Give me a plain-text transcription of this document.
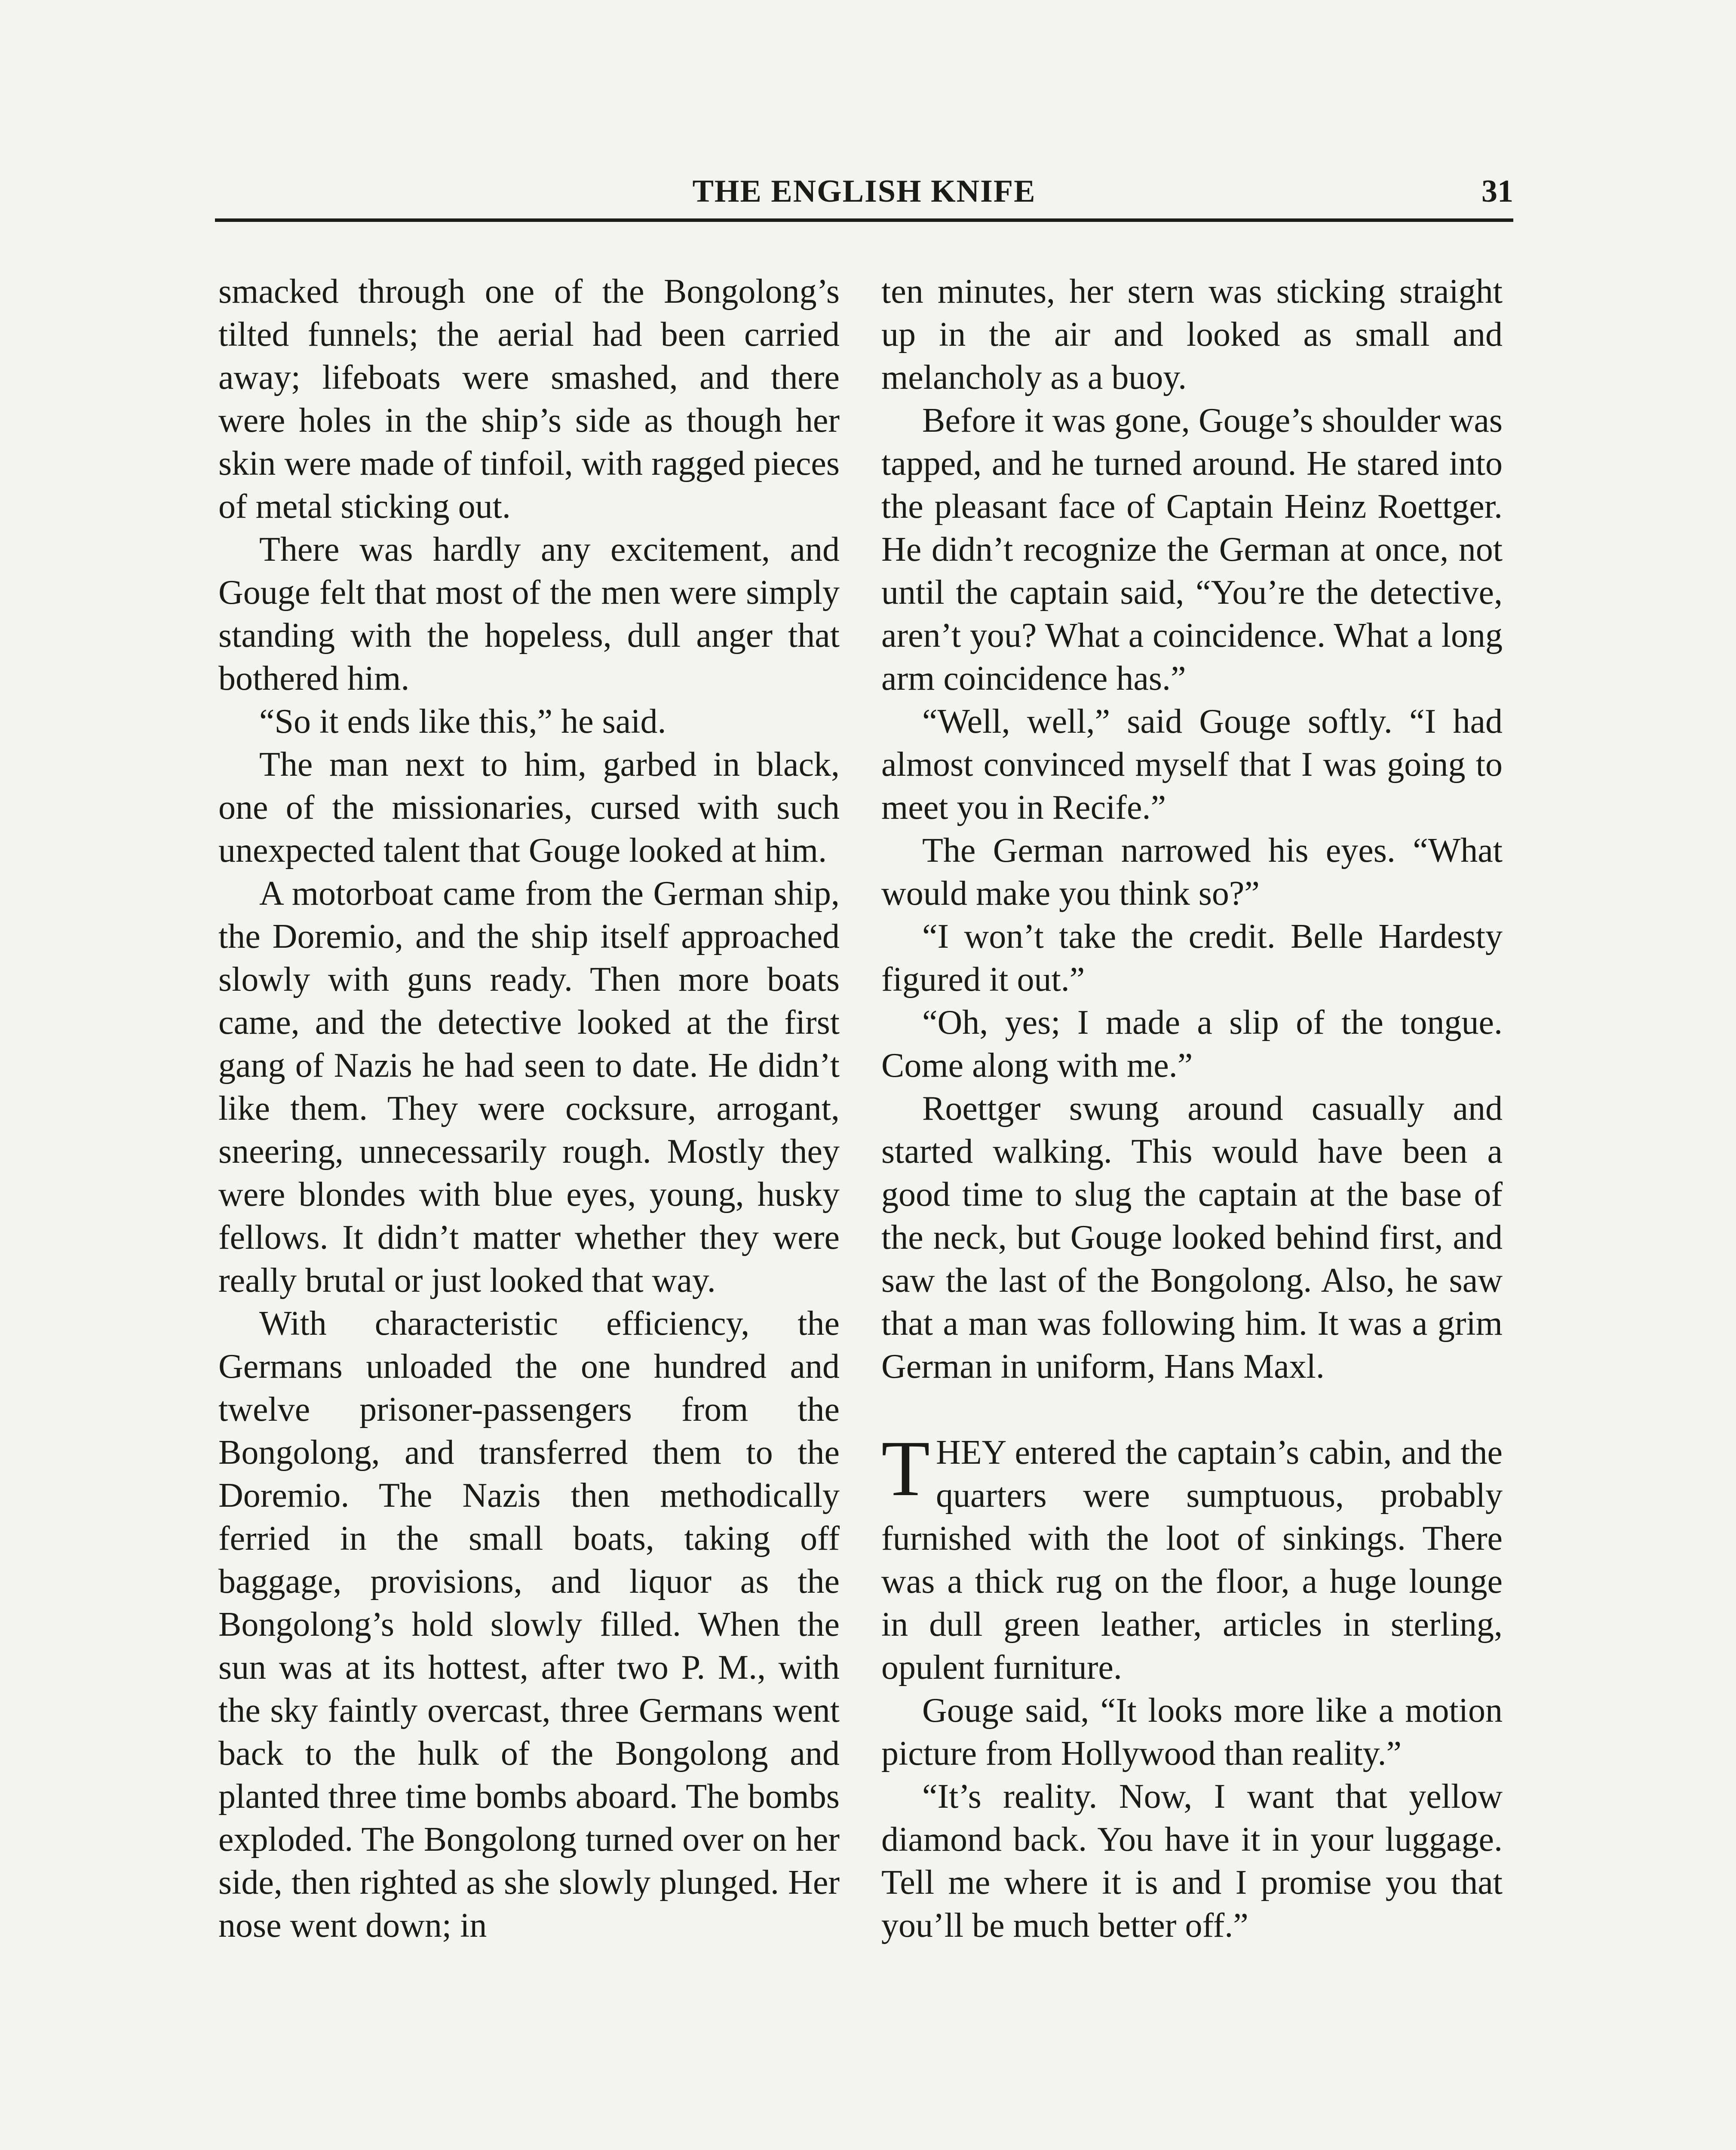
THE ENGLISH KNIFE	31

smacked through one of the Bongolong’s tilted funnels; the aerial had been carried away; lifeboats were smashed, and there were holes in the ship’s side as though her skin were made of tinfoil, with ragged pieces of metal sticking out.

There was hardly any excitement, and Gouge felt that most of the men were simply standing with the hopeless, dull anger that bothered him.

“So it ends like this,” he said.

The man next to him, garbed in black, one of the missionaries, cursed with such unexpected talent that Gouge looked at him.

A motorboat came from the German ship, the Doremio, and the ship itself approached slowly with guns ready. Then more boats came, and the detective looked at the first gang of Nazis he had seen to date. He didn’t like them. They were cocksure, arrogant, sneering, unnecessarily rough. Mostly they were blondes with blue eyes, young, husky fellows. It didn’t matter whether they were really brutal or just looked that way.

With characteristic efficiency, the Germans unloaded the one hundred and twelve prisoner-passengers from the Bongolong, and transferred them to the Doremio. The Nazis then methodically ferried in the small boats, taking off baggage, provisions, and liquor as the Bongolong’s hold slowly filled. When the sun was at its hottest, after two P. M., with the sky faintly overcast, three Germans went back to the hulk of the Bongolong and planted three time bombs aboard. The bombs exploded. The Bongolong turned over on her side, then righted as she slowly plunged. Her nose went down; in

ten minutes, her stern was sticking straight up in the air and looked as small and melancholy as a buoy.

Before it was gone, Gouge’s shoulder was tapped, and he turned around. He stared into the pleasant face of Captain Heinz Roettger. He didn’t recognize the German at once, not until the captain said, “You’re the detective, aren’t you? What a coincidence. What a long arm coincidence has.”

“Well, well,” said Gouge softly. “I had almost convinced myself that I was going to meet you in Recife.”

The German narrowed his eyes. “What would make you think so?”

“I won’t take the credit. Belle Hardesty figured it out.”

“Oh, yes; I made a slip of the tongue. Come along with me.”

Roettger swung around casually and started walking. This would have been a good time to slug the captain at the base of the neck, but Gouge looked behind first, and saw the last of the Bongolong. Also, he saw that a man was following him. It was a grim German in uniform, Hans Maxl.

THEY entered the captain’s cabin, and the quarters were sumptuous, probably furnished with the loot of sinkings. There was a thick rug on the floor, a huge lounge in dull green leather, articles in sterling, opulent furniture.

Gouge said, “It looks more like a motion picture from Hollywood than reality.”

“It’s reality. Now, I want that yellow diamond back. You have it in your luggage. Tell me where it is and I promise you that you’ll be much better off.”
